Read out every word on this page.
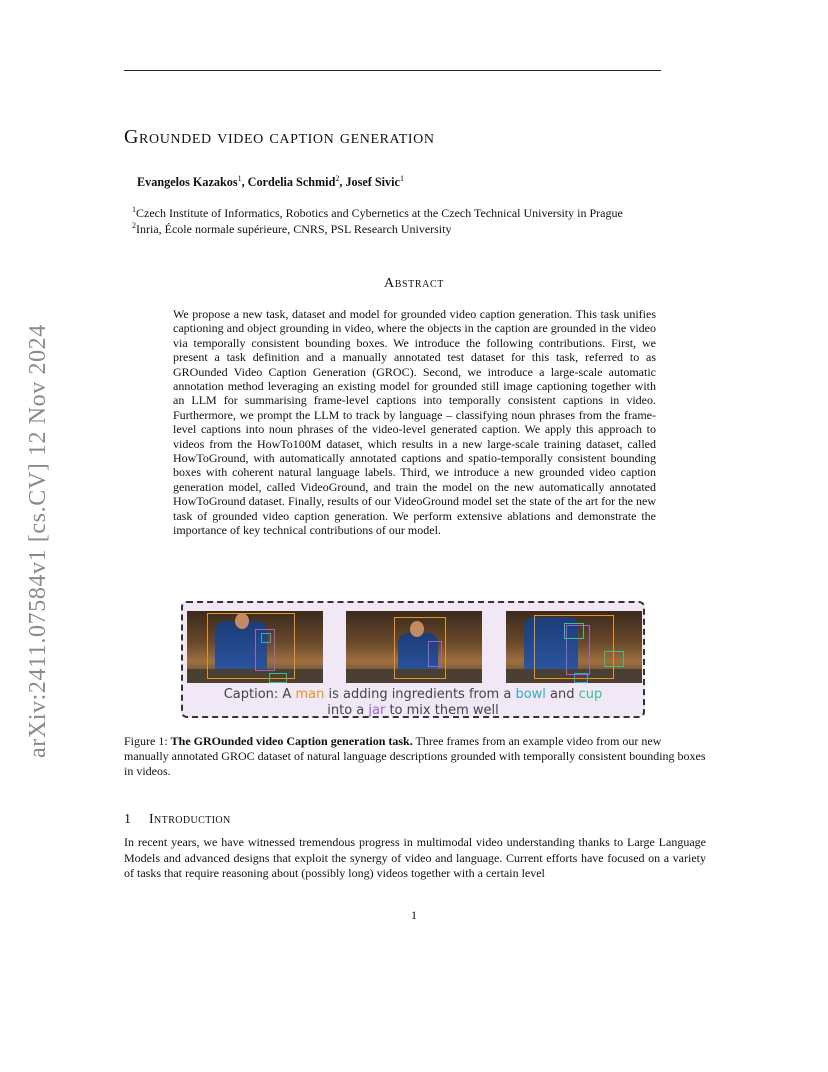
arXiv:2411.07584v1 [cs.CV] 12 Nov 2024
Grounded video caption generation
Evangelos Kazakos$^1$, Cordelia Schmid$^2$, Josef Sivic$^1$
$^1$Czech Institute of Informatics, Robotics and Cybernetics at the Czech Technical University in Prague
$^2$Inria, École normale supérieure, CNRS, PSL Research University
Abstract
We propose a new task, dataset and model for grounded video caption generation. This task unifies captioning and object grounding in video, where the objects in the caption are grounded in the video via temporally consistent bounding boxes. We introduce the following contributions. First, we present a task definition and a manually annotated test dataset for this task, referred to as GROunded Video Caption Generation (GROC). Second, we introduce a large-scale automatic annotation method leveraging an existing model for grounded still image captioning together with an LLM for summarising frame-level captions into temporally consistent captions in video. Furthermore, we prompt the LLM to track by language – classifying noun phrases from the frame-level captions into noun phrases of the video-level generated caption. We apply this approach to videos from the HowTo100M dataset, which results in a new large-scale training dataset, called HowToGround, with automatically annotated captions and spatio-temporally consistent bounding boxes with coherent natural language labels. Third, we introduce a new grounded video caption generation model, called VideoGround, and train the model on the new automatically annotated HowToGround dataset. Finally, results of our VideoGround model set the state of the art for the new task of grounded video caption generation. We perform extensive ablations and demonstrate the importance of key technical contributions of our model.
Caption: A man is adding ingredients from a bowl and cup
into a jar to mix them well
Figure 1: The GROunded video Caption generation task. Three frames from an example video from our new manually annotated GROC dataset of natural language descriptions grounded with temporally consistent bounding boxes in videos.
1 Introduction
In recent years, we have witnessed tremendous progress in multimodal video understanding thanks to Large Language Models and advanced designs that exploit the synergy of video and language. Current efforts have focused on a variety of tasks that require reasoning about (possibly long) videos together with a certain level
1
